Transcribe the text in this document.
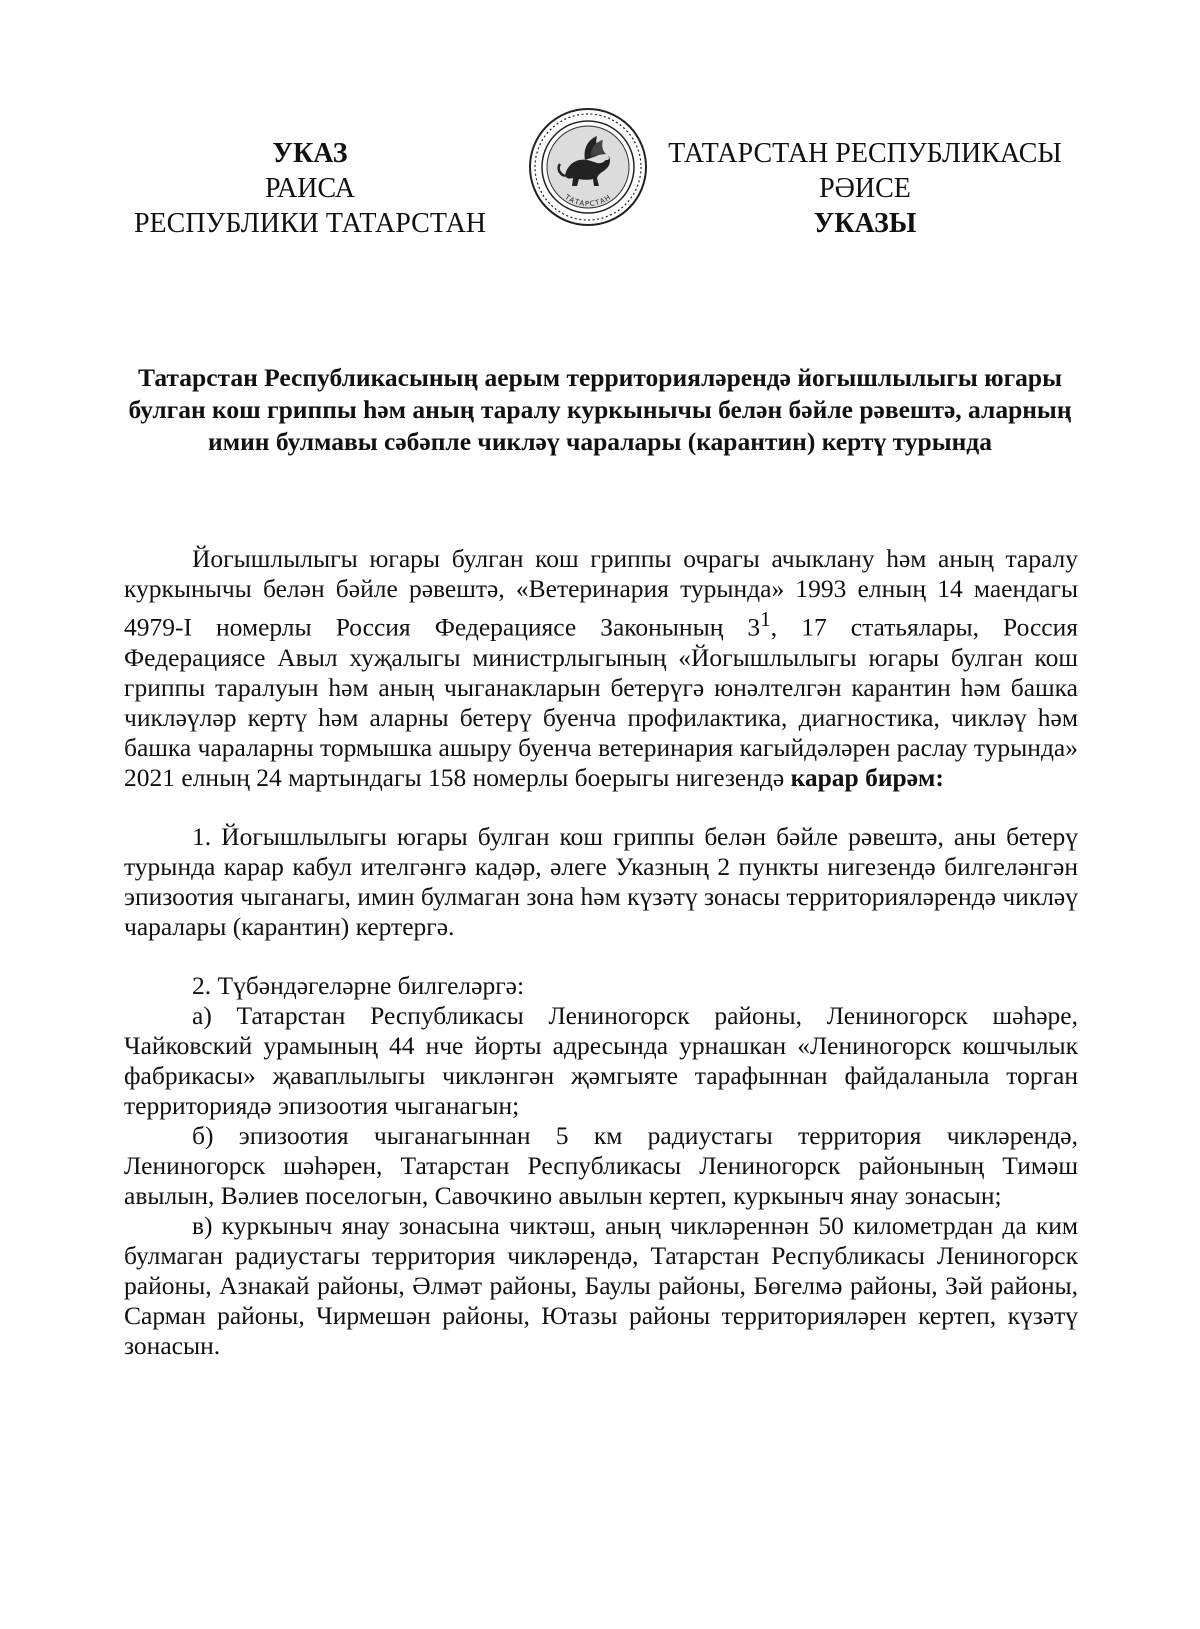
УКАЗ
РАИСА
РЕСПУБЛИКИ ТАТАРСТАН
ТАТАРСТАН
ТАТАРСТАН РЕСПУБЛИКАСЫ
РӘИСЕ
УКАЗЫ
Татарстан Республикасының аерым территорияләрендә йогышлылыгы югары булган кош гриппы һәм аның таралу куркынычы белән бәйле рәвештә, аларның имин булмавы сәбәпле чикләү чаралары (карантин) кертү турында

Йогышлылыгы югары булган кош гриппы очрагы ачыклану һәм аның таралу куркынычы белән бәйле рәвештә, «Ветеринария турында» 1993 елның 14 маендагы 4979-I номерлы Россия Федерациясе Законының $3^1$, 17 статьялары, Россия Федерациясе Авыл хуҗалыгы министрлыгының «Йогышлылыгы югары булган кош гриппы таралуын һәм аның чыганакларын бетерүгә юнәлтелгән карантин һәм башка чикләүләр кертү һәм аларны бетерү буенча профилактика, диагностика, чикләү һәм башка чараларны тормышка ашыру буенча ветеринария кагыйдәләрен раслау турында» 2021 елның 24 мартындагы 158 номерлы боерыгы нигезендә карар бирәм:

1. Йогышлылыгы югары булган кош гриппы белән бәйле рәвештә, аны бетерү турында карар кабул ителгәнгә кадәр, әлеге Указның 2 пункты нигезендә билгеләнгән эпизоотия чыганагы, имин булмаган зона һәм күзәтү зонасы территорияләрендә чикләү чаралары (карантин) кертергә.

2. Түбәндәгеләрне билгеләргә:

а) Татарстан Республикасы Лениногорск районы, Лениногорск шәһәре, Чайковский урамының 44 нче йорты адресында урнашкан «Лениногорск кошчылык фабрикасы» җаваплылыгы чикләнгән җәмгыяте тарафыннан файдаланыла торган территориядә эпизоотия чыганагын;

б) эпизоотия чыганагыннан 5 км радиустагы территория чикләрендә, Лениногорск шәһәрен, Татарстан Республикасы Лениногорск районының Тимәш авылын, Вәлиев поселогын, Савочкино авылын кертеп, куркыныч янау зонасын;

в) куркыныч янау зонасына чиктәш, аның чикләреннән 50 километрдан да ким булмаган радиустагы территория чикләрендә, Татарстан Республикасы Лениногорск районы, Азнакай районы, Әлмәт районы, Баулы районы, Бөгелмә районы, Зәй районы, Сарман районы, Чирмешән районы, Ютазы районы территорияләрен кертеп, күзәтү зонасын.
